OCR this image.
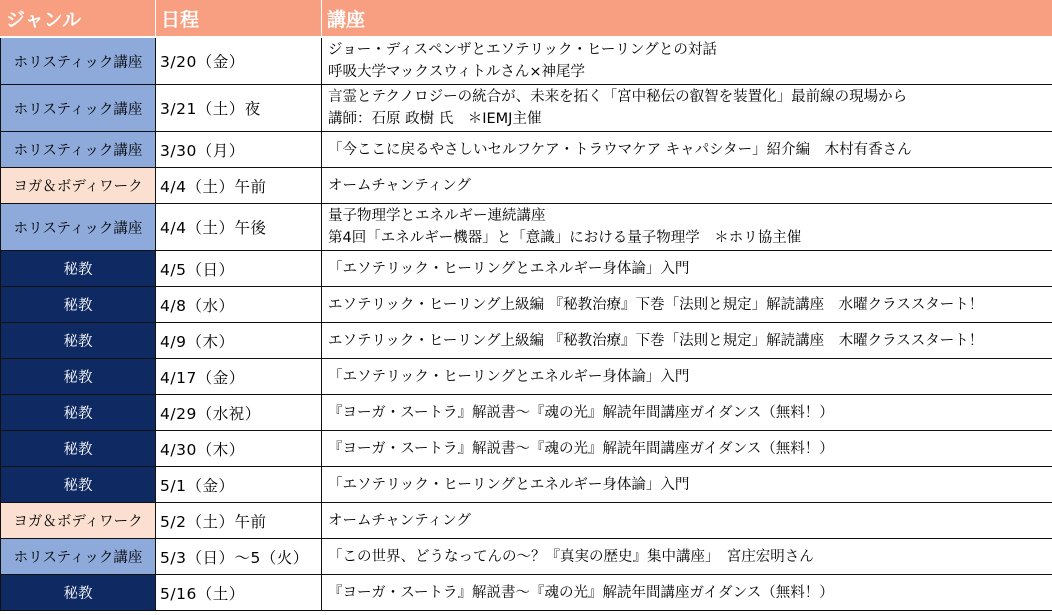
ジャンル	日程	講座
ホリスティック講座	3/20（金）	ジョー・ディスペンザとエソテリック・ヒーリングとの対話
呼吸大学マックスウィトルさん×神尾学

ホリスティック講座	3/21（土）夜	言霊とテクノロジーの統合が、未来を拓く「宮中秘伝の叡智を装置化」最前線の現場から
講師：石原 政樹 氏　＊IEMJ主催

ホリスティック講座	3/30（月）	「今ここに戻るやさしいセルフケア・トラウマケア キャパシター」紹介編　木村有香さん

ヨガ＆ボディワーク	4/4（土）午前	オームチャンティング

ホリスティック講座	4/4（土）午後	量子物理学とエネルギー連続講座
第4回「エネルギー機器」と「意識」における量子物理学　＊ホリ協主催

秘教	4/5（日）	「エソテリック・ヒーリングとエネルギー身体論」入門

秘教	4/8（水）	エソテリック・ヒーリング上級編 『秘教治療』下巻「法則と規定」解読講座　水曜クラススタート！

秘教	4/9（木）	エソテリック・ヒーリング上級編 『秘教治療』下巻「法則と規定」解読講座　木曜クラススタート！

秘教	4/17（金）	「エソテリック・ヒーリングとエネルギー身体論」入門

秘教	4/29（水祝）	『ヨーガ・スートラ』解説書～『魂の光』解読年間講座ガイダンス（無料！）

秘教	4/30（木）	『ヨーガ・スートラ』解説書～『魂の光』解読年間講座ガイダンス（無料！）

秘教	5/1（金）	「エソテリック・ヒーリングとエネルギー身体論」入門

ヨガ＆ボディワーク	5/2（土）午前	オームチャンティング

ホリスティック講座	5/3（日）～5（火）	「この世界、どうなってんの～？『真実の歴史』集中講座」　宮庄宏明さん

秘教	5/16（土）	『ヨーガ・スートラ』解説書～『魂の光』解読年間講座ガイダンス（無料！）
